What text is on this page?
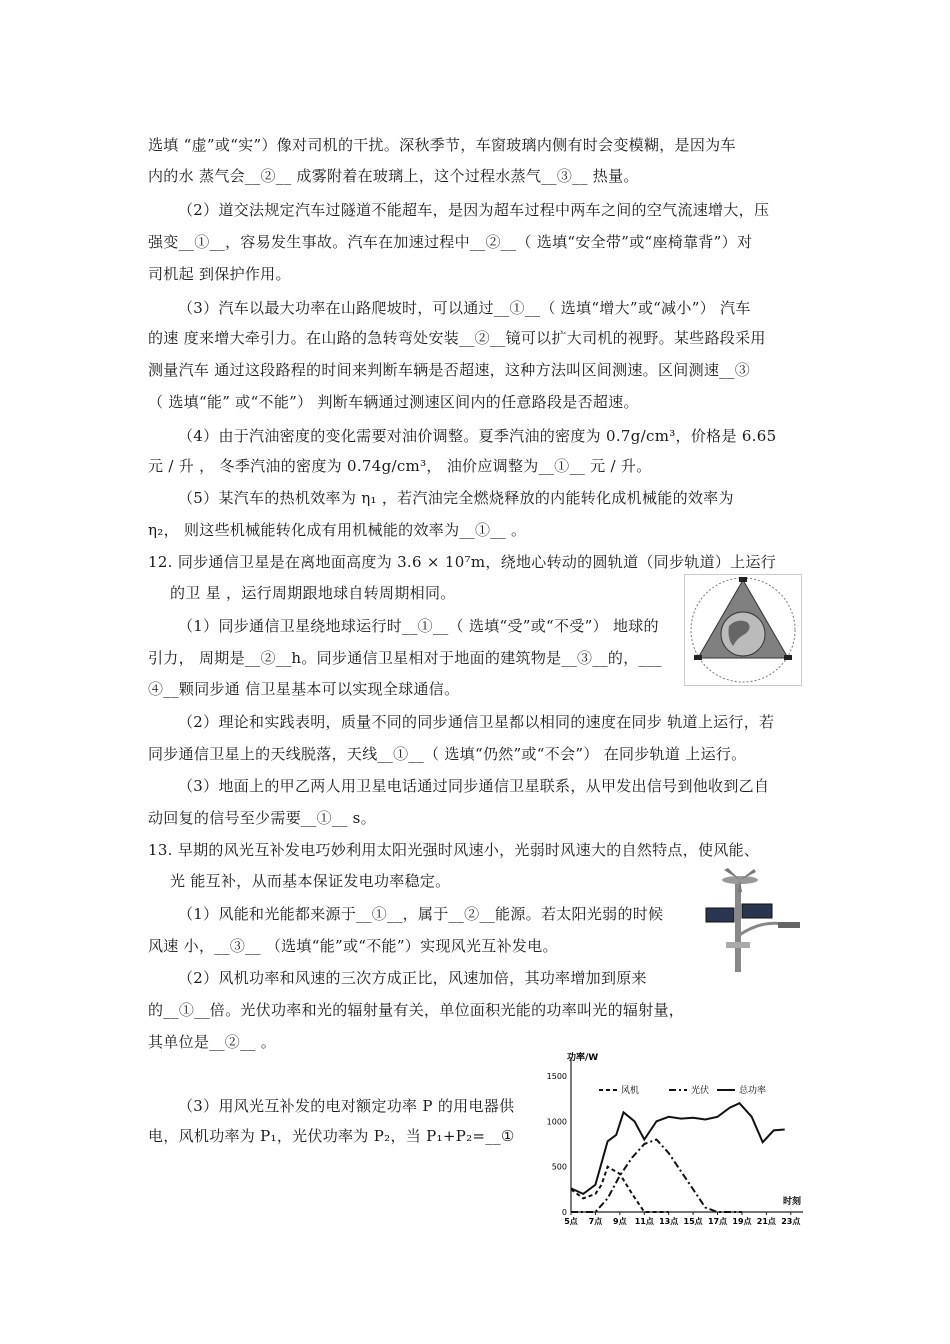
选填 “虚”或“实”）像对司机的干扰。深秋季节，车窗玻璃内侧有时会变模糊，是因为车
内的水 蒸气会__②__ 成雾附着在玻璃上，这个过程水蒸气__③__ 热量。
（2）道交法规定汽车过隧道不能超车，是因为超车过程中两车之间的空气流速增大，压
强变__①__，容易发生事故。汽车在加速过程中__②__（ 选填“安全带”或“座椅靠背”）对
司机起 到保护作用。
（3）汽车以最大功率在山路爬坡时，可以通过__①__（ 选填“增大”或“减小”） 汽车
的速 度来增大牵引力。在山路的急转弯处安装__②__镜可以扩大司机的视野。某些路段采用
测量汽车 通过这段路程的时间来判断车辆是否超速，这种方法叫区间测速。区间测速__③
（ 选填“能” 或“不能”） 判断车辆通过测速区间内的任意路段是否超速。
（4）由于汽油密度的变化需要对油价调整。夏季汽油的密度为 0.7g/cm³，价格是 6.65
元 / 升 ， 冬季汽油的密度为 0.74g/cm³， 油价应调整为__①__ 元 / 升。
（5）某汽车的热机效率为 η₁ ，若汽油完全燃烧释放的内能转化成机械能的效率为
η₂， 则这些机械能转化成有用机械能的效率为__①__ 。
12. 同步通信卫星是在离地面高度为 3.6 × 10⁷m，绕地心转动的圆轨道（同步轨道）上运行
的卫 星 ，运行周期跟地球自转周期相同。
（1）同步通信卫星绕地球运行时__①__（ 选填“受”或“不受”） 地球的
引力， 周期是__②__h。同步通信卫星相对于地面的建筑物是__③__的，___
④__颗同步通 信卫星基本可以实现全球通信。
（2）理论和实践表明，质量不同的同步通信卫星都以相同的速度在同步 轨道上运行，若
同步通信卫星上的天线脱落，天线__①__（ 选填“仍然”或“不会”） 在同步轨道 上运行。
（3）地面上的甲乙两人用卫星电话通过同步通信卫星联系，从甲发出信号到他收到乙自
动回复的信号至少需要__①__ s。
13. 早期的风光互补发电巧妙利用太阳光强时风速小，光弱时风速大的自然特点，使风能、
光 能互补，从而基本保证发电功率稳定。
（1）风能和光能都来源于__①__，属于__②__能源。若太阳光弱的时候
风速 小，__③__ （选填“能”或“不能”）实现风光互补发电。
（2）风机功率和风速的三次方成正比，风速加倍，其功率增加到原来
的__①__倍。光伏功率和光的辐射量有关，单位面积光能的功率叫光的辐射量，
其单位是__②__ 。
（3）用风光互补发的电对额定功率 P 的用电器供
电，风机功率为 P₁，光伏功率为 P₂，当 P₁+P₂=__①
功率/W
时刻
0
500
1000
1500
5点 7点 9点 11点 13点 15点 17点 19点 21点 23点
风机	光伏	总功率
